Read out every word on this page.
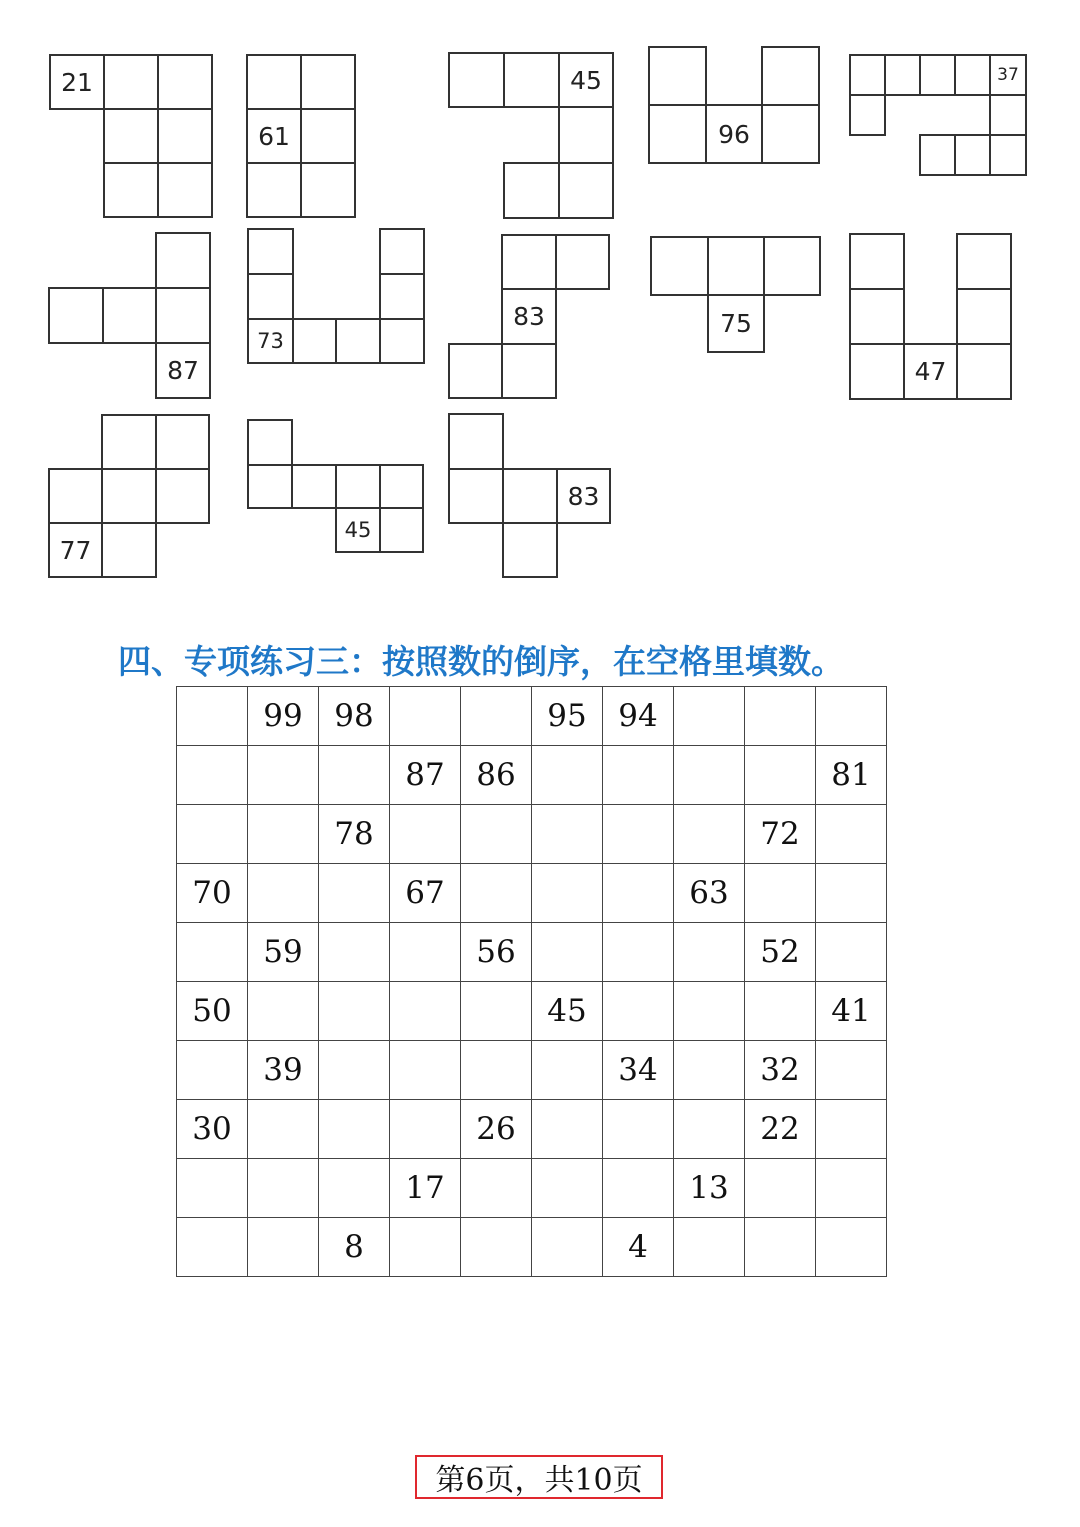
21
61
45
96
37
87
73
83	75
47
77
45
83
四、专项练习三：按照数的倒序，在空格里填数。
	99	98			95	94			
			87	86					81
		78						72	
70			67				63		
	59			56				52	
50					45				41
	39					34		32	
30				26				22	
			17				13		
		8				4			
第6页，共10页
